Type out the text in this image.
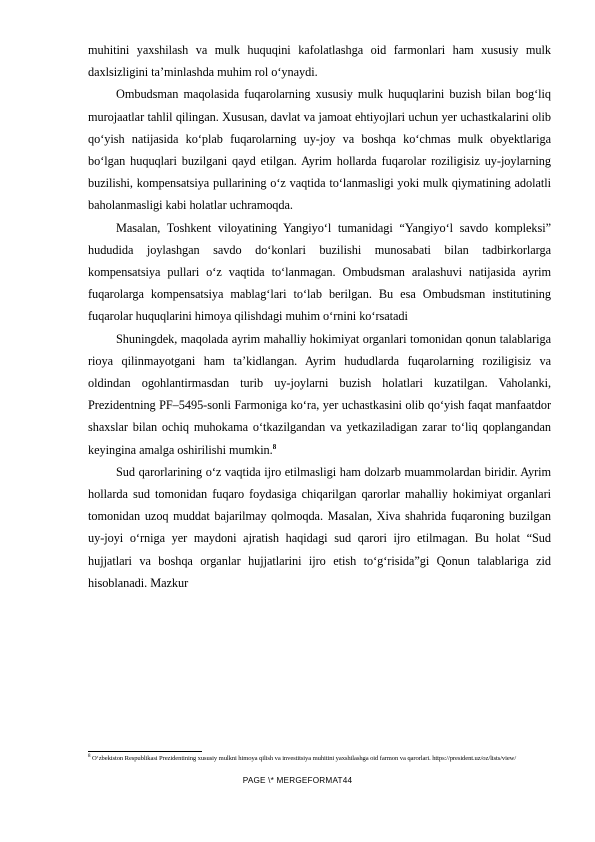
muhitini yaxshilash va mulk huquqini kafolatlashga oid farmonlari ham xususiy mulk daxlsizligini ta’minlashda muhim rol o‘ynaydi.

Ombudsman maqolasida fuqarolarning xususiy mulk huquqlarini buzish bilan bog‘liq murojaatlar tahlil qilingan. Xususan, davlat va jamoat ehtiyojlari uchun yer uchastkalarini olib qo‘yish natijasida ko‘plab fuqarolarning uy-joy va boshqa ko‘chmas mulk obyektlariga bo‘lgan huquqlari buzilgani qayd etilgan. Ayrim hollarda fuqarolar roziligisiz uy-joylarning buzilishi, kompensatsiya pullarining o‘z vaqtida to‘lanmasligi yoki mulk qiymatining adolatli baholanmasligi kabi holatlar uchramoqda.

Masalan, Toshkent viloyatining Yangiyo‘l tumanidagi “Yangiyo‘l savdo kompleksi” hududida joylashgan savdo do‘konlari buzilishi munosabati bilan tadbirkorlarga kompensatsiya pullari o‘z vaqtida to‘lanmagan. Ombudsman aralashuvi natijasida ayrim fuqarolarga kompensatsiya mablag‘lari to‘lab berilgan. Bu esa Ombudsman institutining fuqarolar huquqlarini himoya qilishdagi muhim o‘rnini ko‘rsatadi

Shuningdek, maqolada ayrim mahalliy hokimiyat organlari tomonidan qonun talablariga rioya qilinmayotgani ham ta’kidlangan. Ayrim hududlarda fuqarolarning roziligisiz va oldindan ogohlantirmasdan turib uy-joylarni buzish holatlari kuzatilgan. Vaholanki, Prezidentning PF–5495-sonli Farmoniga ko‘ra, yer uchastkasini olib qo‘yish faqat manfaatdor shaxslar bilan ochiq muhokama o‘tkazilgandan va yetkaziladigan zarar to‘liq qoplangandan keyingina amalga oshirilishi mumkin.$^8$

Sud qarorlarining o‘z vaqtida ijro etilmasligi ham dolzarb muammolardan biridir. Ayrim hollarda sud tomonidan fuqaro foydasiga chiqarilgan qarorlar mahalliy hokimiyat organlari tomonidan uzoq muddat bajarilmay qolmoqda. Masalan, Xiva shahrida fuqaroning buzilgan uy-joyi o‘rniga yer maydoni ajratish haqidagi sud qarori ijro etilmagan. Bu holat “Sud hujjatlari va boshqa organlar hujjatlarini ijro etish to‘g‘risida”gi Qonun talablariga zid hisoblanadi. Mazkur

$^8$ O‘zbekiston Respublikasi Prezidentining xususiy mulkni himoya qilish va investitsiya muhitini yaxshilashga oid farmon va qarorlari. https://president.uz/oz/lists/view/
PAGE \* MERGEFORMAT44
